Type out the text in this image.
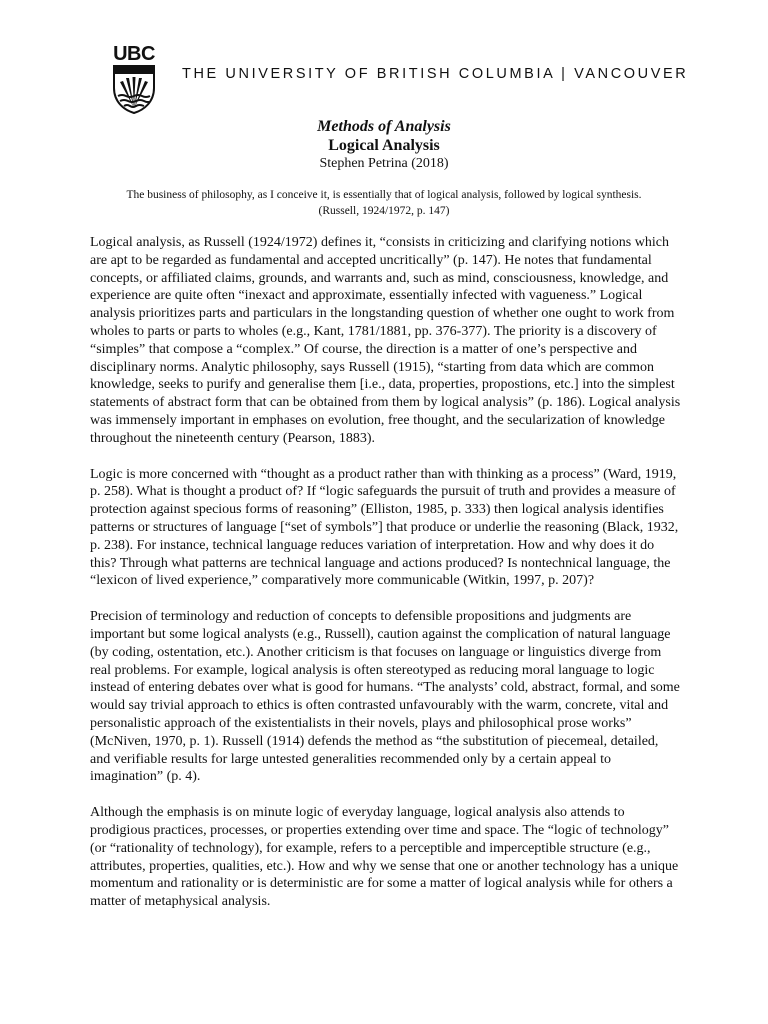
UBC
THE UNIVERSITY OF BRITISH COLUMBIA | VANCOUVER
Methods of Analysis
Logical Analysis
Stephen Petrina (2018)
The business of philosophy, as I conceive it, is essentially that of logical analysis, followed by logical synthesis.
(Russell, 1924/1972, p. 147)

Logical analysis, as Russell (1924/1972) defines it, “consists in criticizing and clarifying notions which are apt to be regarded as fundamental and accepted uncritically” (p. 147). He notes that fundamental concepts, or affiliated claims, grounds, and warrants and, such as mind, consciousness, knowledge, and experience are quite often “inexact and approximate, essentially infected with vagueness.” Logical analysis prioritizes parts and particulars in the longstanding question of whether one ought to work from wholes to parts or parts to wholes (e.g., Kant, 1781/1881, pp. 376-377). The priority is a discovery of “simples” that compose a “complex.” Of course, the direction is a matter of one’s perspective and disciplinary norms. Analytic philosophy, says Russell (1915), “starting from data which are common knowledge, seeks to purify and generalise them [i.e., data, properties, propostions, etc.] into the simplest statements of abstract form that can be obtained from them by logical analysis” (p. 186). Logical analysis was immensely important in emphases on evolution, free thought, and the secularization of knowledge throughout the nineteenth century (Pearson, 1883).

Logic is more concerned with “thought as a product rather than with thinking as a process” (Ward, 1919, p. 258). What is thought a product of? If “logic safeguards the pursuit of truth and provides a measure of protection against specious forms of reasoning” (Elliston, 1985, p. 333) then logical analysis identifies patterns or structures of language [“set of symbols”] that produce or underlie the reasoning (Black, 1932, p. 238). For instance, technical language reduces variation of interpretation. How and why does it do this? Through what patterns are technical language and actions produced? Is nontechnical language, the “lexicon of lived experience,” comparatively more communicable (Witkin, 1997, p. 207)?

Precision of terminology and reduction of concepts to defensible propositions and judgments are important but some logical analysts (e.g., Russell), caution against the complication of natural language (by coding, ostentation, etc.). Another criticism is that focuses on language or linguistics diverge from real problems. For example, logical analysis is often stereotyped as reducing moral language to logic instead of entering debates over what is good for humans. “The analysts’ cold, abstract, formal, and some would say trivial approach to ethics is often contrasted unfavourably with the warm, concrete, vital and personalistic approach of the existentialists in their novels, plays and philosophical prose works” (McNiven, 1970, p. 1). Russell (1914) defends the method as “the substitution of piecemeal, detailed, and verifiable results for large untested generalities recommended only by a certain appeal to imagination” (p. 4).

Although the emphasis is on minute logic of everyday language, logical analysis also attends to prodigious practices, processes, or properties extending over time and space. The “logic of technology” (or “rationality of technology), for example, refers to a perceptible and imperceptible structure (e.g., attributes, properties, qualities, etc.). How and why we sense that one or another technology has a unique momentum and rationality or is deterministic are for some a matter of logical analysis while for others a matter of metaphysical analysis.
